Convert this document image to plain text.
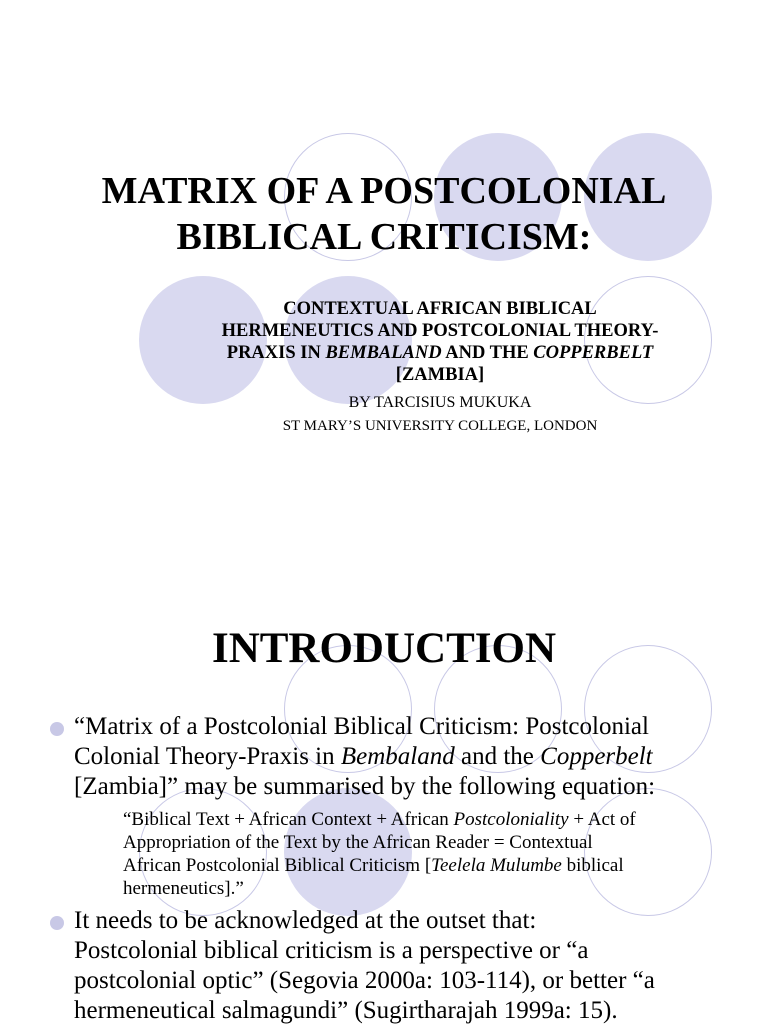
MATRIX OF A POSTCOLONIAL
BIBLICAL CRITICISM:
CONTEXTUAL AFRICAN BIBLICAL
HERMENEUTICS AND POSTCOLONIAL THEORY-
PRAXIS IN BEMBALAND AND THE COPPERBELT
[ZAMBIA]
BY TARCISIUS MUKUKA
ST MARY’S UNIVERSITY COLLEGE, LONDON
INTRODUCTION
“Matrix of a Postcolonial Biblical Criticism: Postcolonial
Colonial Theory-Praxis in Bembaland and the Copperbelt
[Zambia]” may be summarised by the following equation:
“Biblical Text + African Context + African Postcoloniality + Act of
Appropriation of the Text by the African Reader = Contextual
African Postcolonial Biblical Criticism [Teelela Mulumbe biblical
hermeneutics].”
It needs to be acknowledged at the outset that:
Postcolonial biblical criticism is a perspective or “a
postcolonial optic” (Segovia 2000a: 103-114), or better “a
hermeneutical salmagundi” (Sugirtharajah 1999a: 15).
